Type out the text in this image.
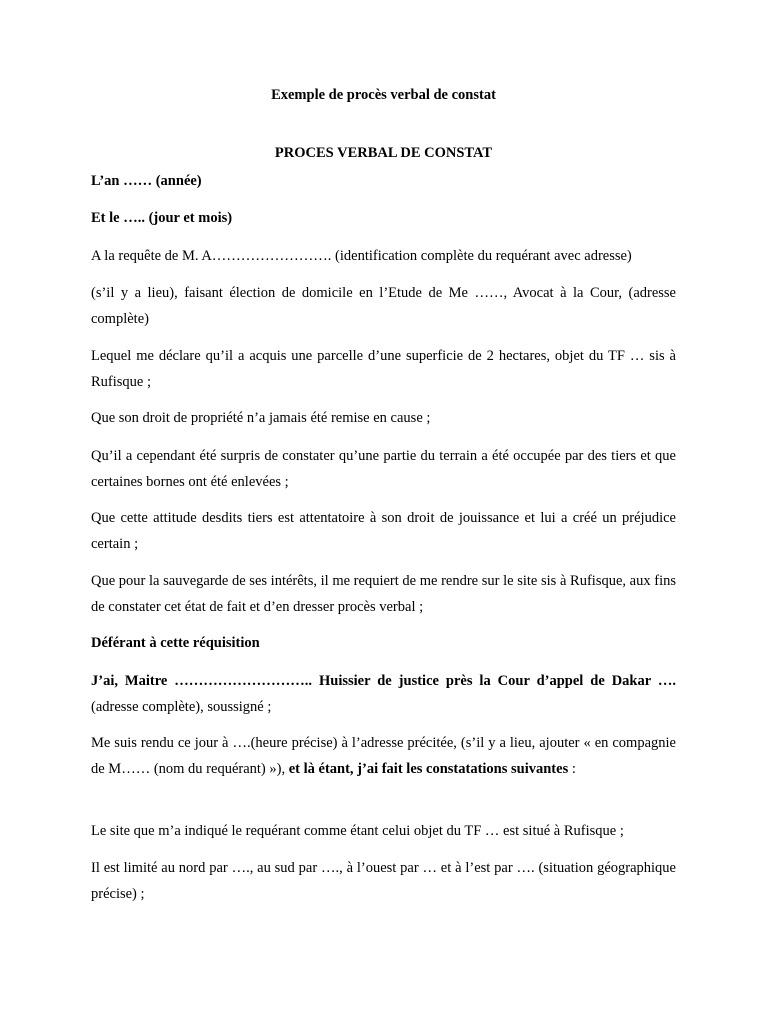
Exemple de procès verbal de constat

PROCES VERBAL DE CONSTAT

L’an …… (année)

Et le ….. (jour et mois)

A la requête de M. A……………………. (identification complète du requérant avec adresse)

(s’il y a lieu), faisant élection de domicile en l’Etude de Me ……, Avocat à la Cour, (adresse complète)

Lequel me déclare qu’il a acquis une parcelle d’une superficie de 2 hectares, objet du TF … sis à Rufisque ;

Que son droit de propriété n’a jamais été remise en cause ;

Qu’il a cependant été surpris de constater qu’une partie du terrain a été occupée par des tiers et que certaines bornes ont été enlevées ;

Que cette attitude desdits tiers est attentatoire à son droit de jouissance et lui a créé un préjudice certain ;

Que pour la sauvegarde de ses intérêts, il me requiert de me rendre sur le site sis à Rufisque, aux fins de constater cet état de fait et d’en dresser procès verbal ;

Déférant à cette réquisition

J’ai, Maitre ……………………….. Huissier de justice près la Cour d’appel de Dakar …. (adresse complète), soussigné ;

Me suis rendu ce jour à ….(heure précise) à l’adresse précitée, (s’il y a lieu, ajouter « en compagnie de M…… (nom du requérant) »), et là étant, j’ai fait les constatations suivantes :

Le site que m’a indiqué le requérant comme étant celui objet du TF … est situé à Rufisque ;

Il est limité au nord par …., au sud par …., à l’ouest par … et à l’est par …. (situation géographique précise) ;
